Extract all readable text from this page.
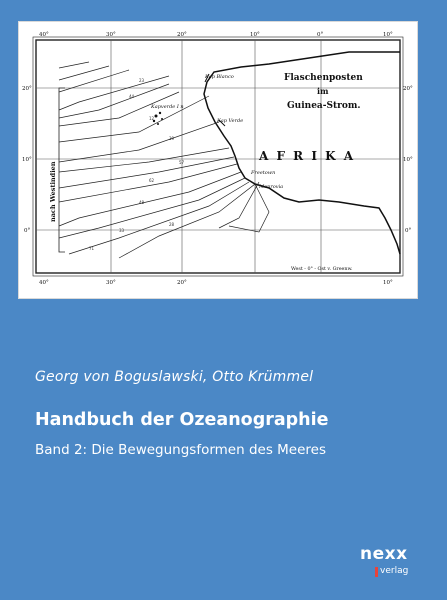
23
44
12
39
57
62
48
33
28
71
Flaschenposten
im
Guinea-Strom.
A F R I K A
nach Westindien
Kap Blanco
Kapverde I n
Kap Verde
Freetown
Monrovia
40°	30°	20°	10°	0°	10°
40°	30°	20°	10°
West - 0° - Ost v. Greenw.
20°
10°
0°
20°
10°
0°
Georg von Boguslawski, Otto Krümmel
Handbuch der Ozeanographie
Band 2: Die Bewegungsformen des Meeres
nexx
verlag
